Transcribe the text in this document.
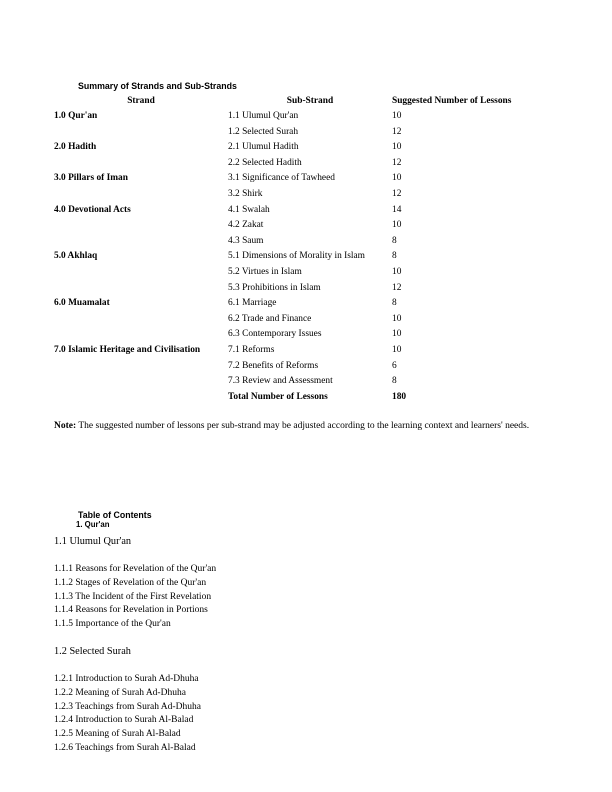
Summary of Strands and Sub-Strands
Strand	Sub-Strand	Suggested Number of Lessons
1.0 Qur'an	1.1 Ulumul Qur'an	10
	1.2 Selected Surah	12
2.0 Hadith	2.1 Ulumul Hadith	10
	2.2 Selected Hadith	12
3.0 Pillars of Iman	3.1 Significance of Tawheed	10
	3.2 Shirk	12
4.0 Devotional Acts	4.1 Swalah	14
	4.2 Zakat	10
	4.3 Saum	8
5.0 Akhlaq	5.1 Dimensions of Morality in Islam	8
	5.2 Virtues in Islam	10
	5.3 Prohibitions in Islam	12
6.0 Muamalat	6.1 Marriage	8
	6.2 Trade and Finance	10
	6.3 Contemporary Issues	10
7.0 Islamic Heritage and Civilisation	7.1 Reforms	10
	7.2 Benefits of Reforms	6
	7.3 Review and Assessment	8
	Total Number of Lessons	180
Note: The suggested number of lessons per sub-strand may be adjusted according to the learning context and learners' needs.
Table of Contents
1. Qur'an
1.1 Ulumul Qur'an
1.1.1 Reasons for Revelation of the Qur'an
1.1.2 Stages of Revelation of the Qur'an
1.1.3 The Incident of the First Revelation
1.1.4 Reasons for Revelation in Portions
1.1.5 Importance of the Qur'an
1.2 Selected Surah
1.2.1 Introduction to Surah Ad-Dhuha
1.2.2 Meaning of Surah Ad-Dhuha
1.2.3 Teachings from Surah Ad-Dhuha
1.2.4 Introduction to Surah Al-Balad
1.2.5 Meaning of Surah Al-Balad
1.2.6 Teachings from Surah Al-Balad
